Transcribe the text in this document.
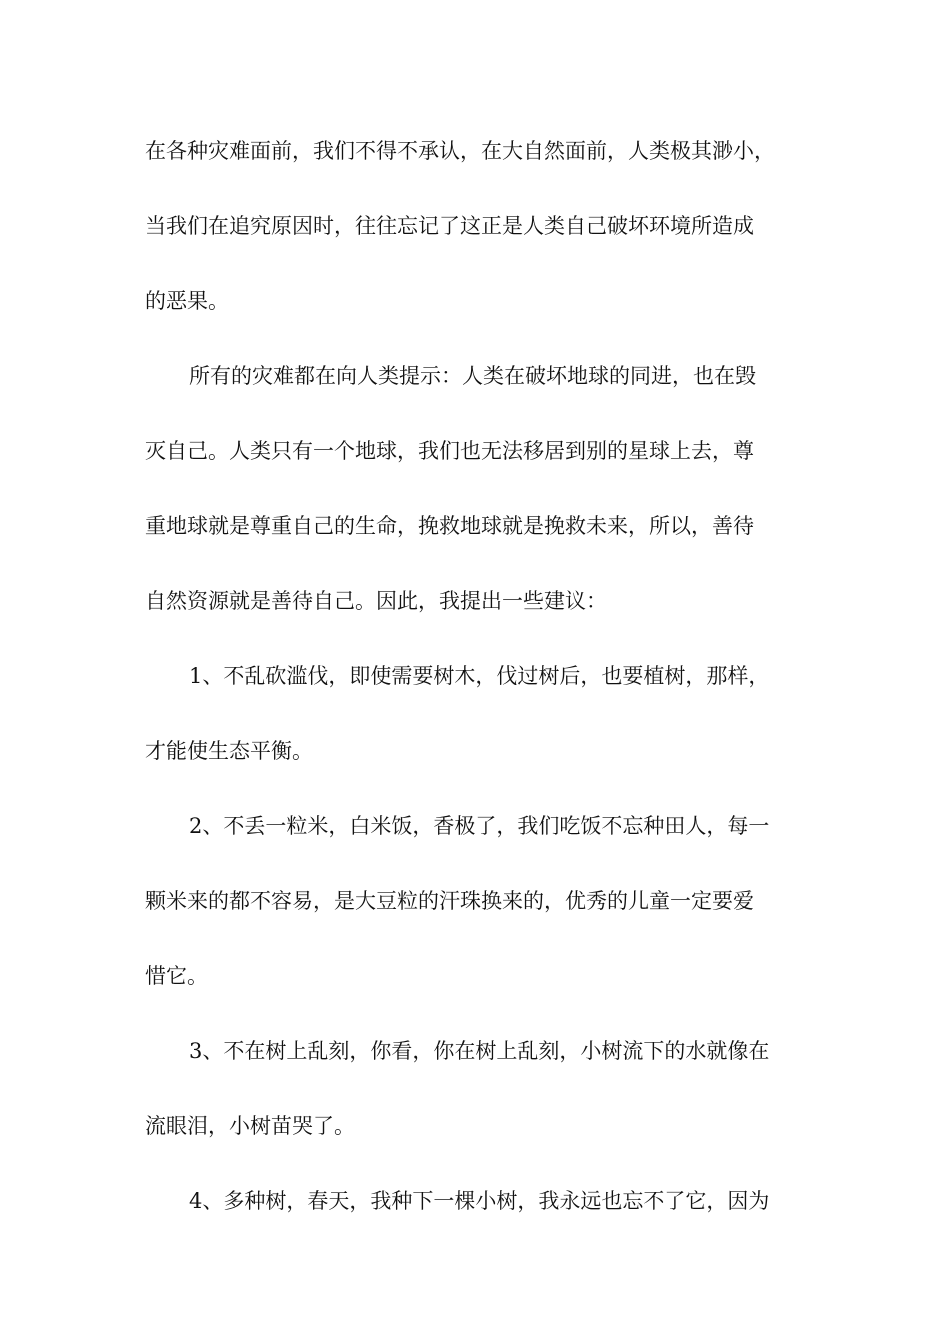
在各种灾难面前，我们不得不承认，在大自然面前，人类极其渺小，
当我们在追究原因时，往往忘记了这正是人类自己破坏环境所造成
的恶果。
所有的灾难都在向人类提示：人类在破坏地球的同进，也在毁
灭自己。人类只有一个地球，我们也无法移居到别的星球上去，尊
重地球就是尊重自己的生命，挽救地球就是挽救未来，所以，善待
自然资源就是善待自己。因此，我提出一些建议：
1、不乱砍滥伐，即使需要树木，伐过树后，也要植树，那样，
才能使生态平衡。
2、不丢一粒米，白米饭，香极了，我们吃饭不忘种田人，每一
颗米来的都不容易，是大豆粒的汗珠换来的，优秀的儿童一定要爱
惜它。
3、不在树上乱刻，你看，你在树上乱刻，小树流下的水就像在
流眼泪，小树苗哭了。
4、多种树，春天，我种下一棵小树，我永远也忘不了它，因为
